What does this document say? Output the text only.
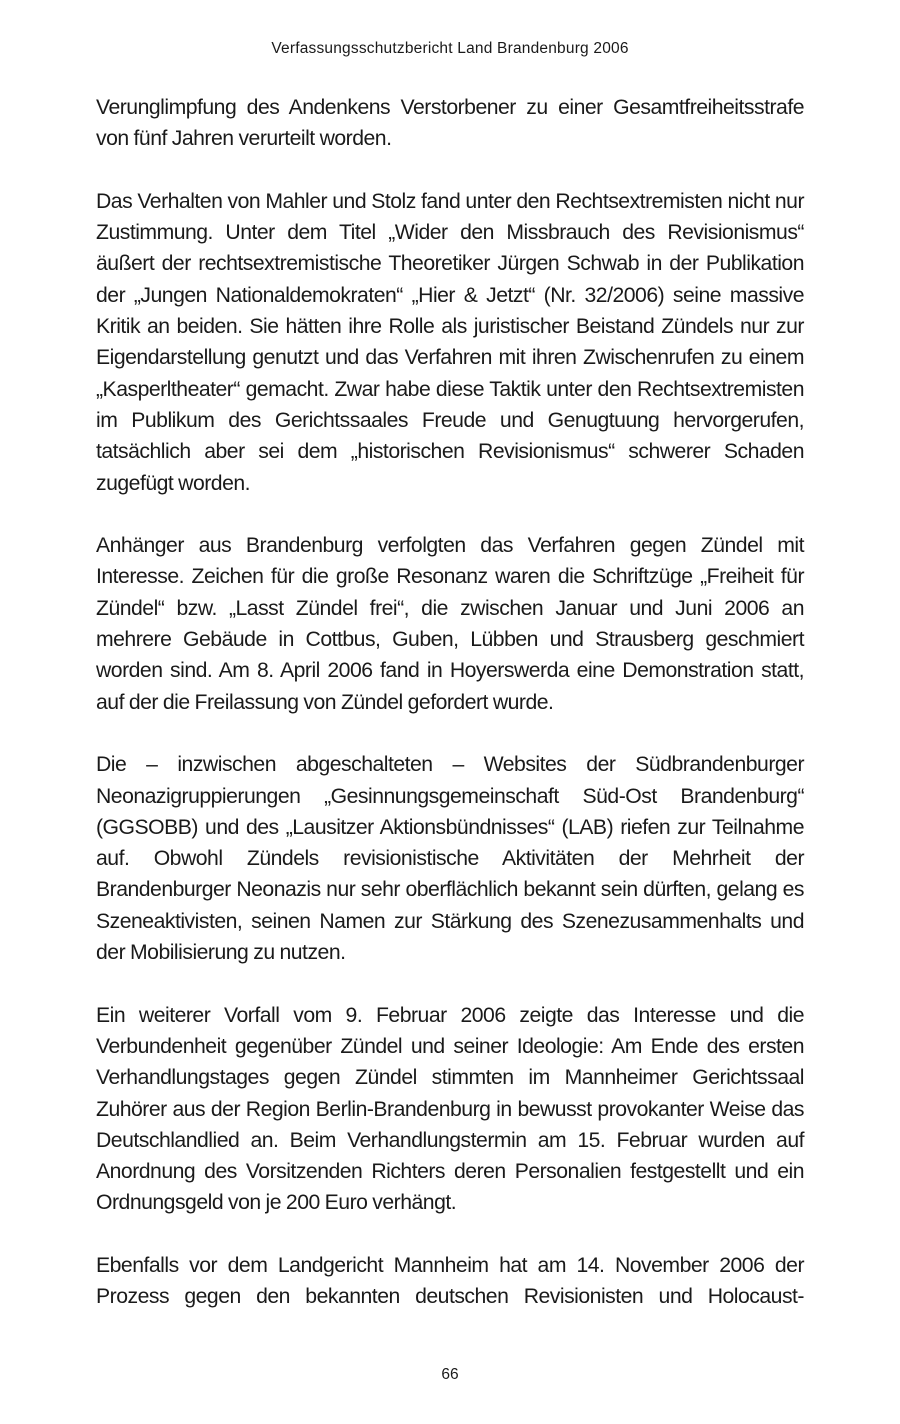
Verfassungsschutzbericht Land Brandenburg 2006

Verunglimpfung des Andenkens Verstorbener zu einer Gesamtfreiheitsstrafe von fünf Jahren verurteilt worden.

Das Verhalten von Mahler und Stolz fand unter den Rechtsextremisten nicht nur Zustimmung. Unter dem Titel „Wider den Missbrauch des Revisionismus“ äußert der rechtsextremistische Theoretiker Jürgen Schwab in der Publikation der „Jungen Nationaldemokraten“ „Hier & Jetzt“ (Nr. 32/2006) seine massive Kritik an beiden. Sie hätten ihre Rolle als juristischer Beistand Zündels nur zur Eigendarstellung genutzt und das Verfahren mit ihren Zwischenrufen zu einem „Kasperltheater“ gemacht. Zwar habe diese Taktik unter den Rechtsextremisten im Publikum des Gerichtssaales Freude und Genugtuung hervorgerufen, tatsächlich aber sei dem „historischen Revisionismus“ schwerer Schaden zugefügt worden.

Anhänger aus Brandenburg verfolgten das Verfahren gegen Zündel mit Interesse. Zeichen für die große Resonanz waren die Schriftzüge „Freiheit für Zündel“ bzw. „Lasst Zündel frei“, die zwischen Januar und Juni 2006 an mehrere Gebäude in Cottbus, Guben, Lübben und Strausberg geschmiert worden sind. Am 8. April 2006 fand in Hoyerswerda eine Demonstration statt, auf der die Freilassung von Zündel gefordert wurde.

Die – inzwischen abgeschalteten – Websites der Südbrandenburger Neonazigruppierungen „Gesinnungsgemeinschaft Süd-Ost Brandenburg“ (GGSOBB) und des „Lausitzer Aktionsbündnisses“ (LAB) riefen zur Teilnahme auf. Obwohl Zündels revisionistische Aktivitäten der Mehrheit der Brandenburger Neonazis nur sehr oberflächlich bekannt sein dürften, gelang es Szeneaktivisten, seinen Namen zur Stärkung des Szenezusammenhalts und der Mobilisierung zu nutzen.

Ein weiterer Vorfall vom 9. Februar 2006 zeigte das Interesse und die Verbundenheit gegenüber Zündel und seiner Ideologie: Am Ende des ersten Verhandlungstages gegen Zündel stimmten im Mannheimer Gerichtssaal Zuhörer aus der Region Berlin-Brandenburg in bewusst provokanter Weise das Deutschlandlied an. Beim Verhandlungstermin am 15. Februar wurden auf Anordnung des Vorsitzenden Richters deren Personalien festgestellt und ein Ordnungsgeld von je 200 Euro verhängt.

Ebenfalls vor dem Landgericht Mannheim hat am 14. November 2006 der Prozess gegen den bekannten deutschen Revisionisten und Holocaust-

66
